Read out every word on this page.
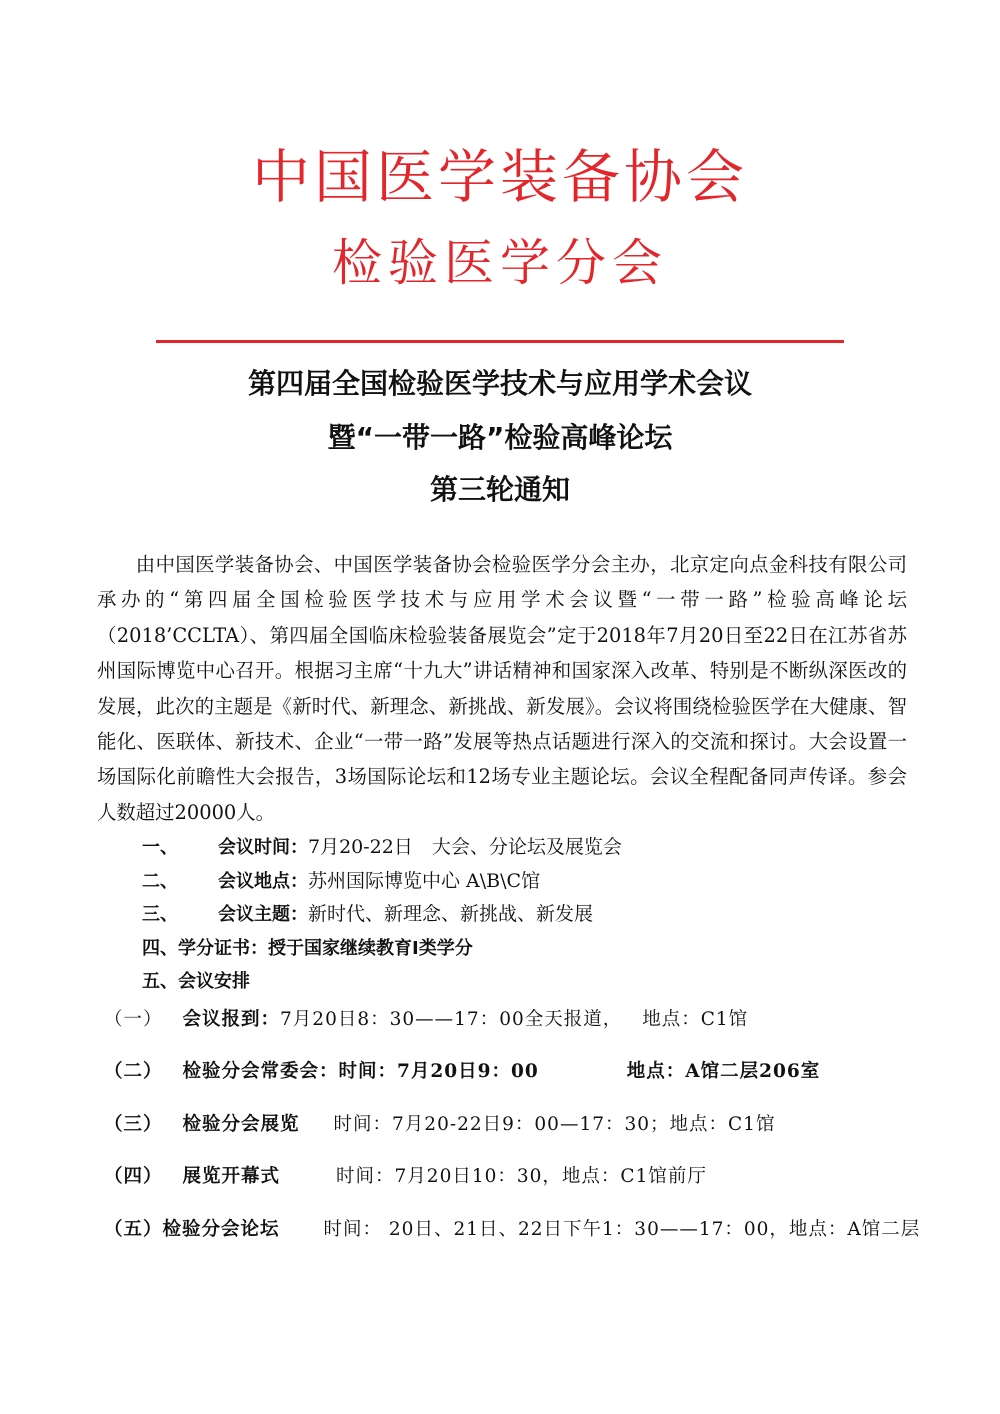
中国医学装备协会
检验医学分会
第四届全国检验医学技术与应用学术会议
暨“一带一路”检验高峰论坛
第三轮通知

由中国医学装备协会、中国医学装备协会检验医学分会主办，北京定向点金科技有限公司承办的“第四届全国检验医学技术与应用学术会议暨“一带一路”检验高峰论坛（2018’CCLTA）、第四届全国临床检验装备展览会”定于2018年7月20日至22日在江苏省苏州国际博览中心召开。根据习主席“十九大”讲话精神和国家深入改革、特别是不断纵深医改的发展，此次的主题是《新时代、新理念、新挑战、新发展》。会议将围绕检验医学在大健康、智能化、医联体、新技术、企业“一带一路”发展等热点话题进行深入的交流和探讨。大会设置一场国际化前瞻性大会报告，3场国际论坛和12场专业主题论坛。会议全程配备同声传译。参会人数超过20000人。

一、 会议时间：7月20-22日　大会、分论坛及展览会
二、 会议地点：苏州国际博览中心 A\B\C馆
三、 会议主题：新时代、新理念、新挑战、新发展
四、学分证书：授于国家继续教育Ⅰ类学分
五、会议安排
（一） 会议报到：7月20日8：30——17：00全天报道， 地点：C1馆
（二） 检验分会常委会：时间：7月20日9：00	地点：A馆二层206室
（三） 检验分会展览 时间：7月20-22日9：00—17：30；地点：C1馆
（四） 展览开幕式	时间：7月20日10：30，地点：C1馆前厅
（五）检验分会论坛 时间： 20日、21日、22日下午1：30——17：00，地点：A馆二层
